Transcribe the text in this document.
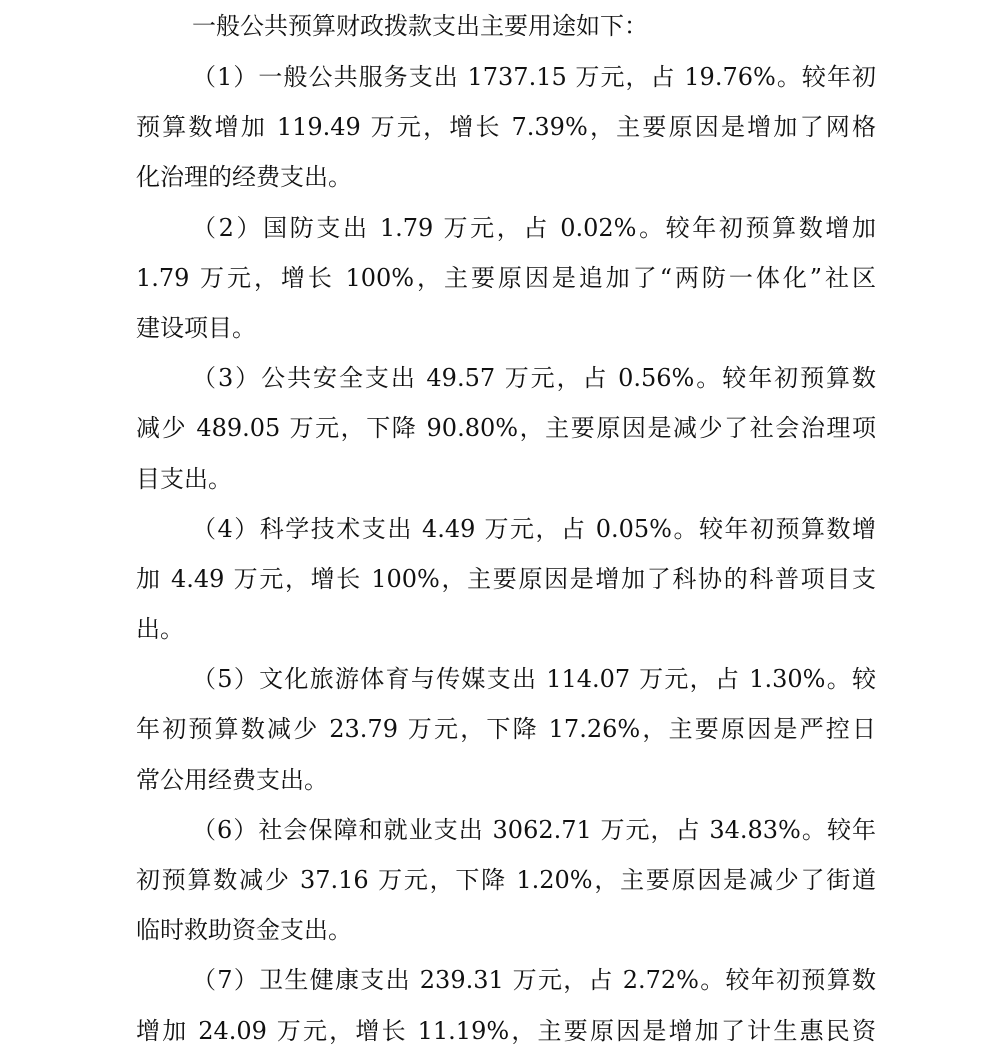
一般公共预算财政拨款支出主要用途如下：
（1）一般公共服务支出 1737.15 万元，占 19.76%。较年初
预算数增加 119.49 万元，增长 7.39%，主要原因是增加了网格
化治理的经费支出。
（2）国防支出 1.79 万元，占 0.02%。较年初预算数增加
1.79 万元，增长 100%，主要原因是追加了“两防一体化”社区
建设项目。
（3）公共安全支出 49.57 万元，占 0.56%。较年初预算数
减少 489.05 万元，下降 90.80%，主要原因是减少了社会治理项
目支出。
（4）科学技术支出 4.49 万元，占 0.05%。较年初预算数增
加 4.49 万元，增长 100%，主要原因是增加了科协的科普项目支
出。
（5）文化旅游体育与传媒支出 114.07 万元，占 1.30%。较
年初预算数减少 23.79 万元，下降 17.26%，主要原因是严控日
常公用经费支出。
（6）社会保障和就业支出 3062.71 万元，占 34.83%。较年
初预算数减少 37.16 万元，下降 1.20%，主要原因是减少了街道
临时救助资金支出。
（7）卫生健康支出 239.31 万元，占 2.72%。较年初预算数
增加 24.09 万元，增长 11.19%，主要原因是增加了计生惠民资
